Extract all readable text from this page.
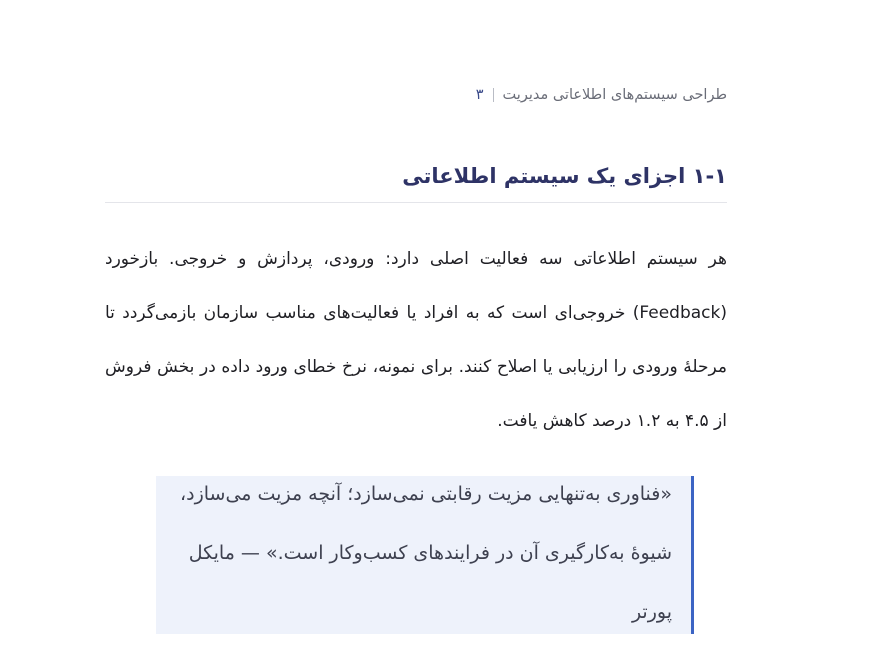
طراحی سیستم‌های اطلاعاتی مدیریت
۳
۱-۱ اجزای یک سیستم اطلاعاتی

هر سیستم اطلاعاتی سه فعالیت اصلی دارد: ورودی، پردازش و خروجی. بازخورد (Feedback) خروجی‌ای است که به افراد یا فعالیت‌های مناسب سازمان بازمی‌گردد تا مرحلهٔ ورودی را ارزیابی یا اصلاح کنند. برای نمونه، نرخ خطای ورود داده در بخش فروش از ۴.۵ به ۱.۲ درصد کاهش یافت.

«فناوری به‌تنهایی مزیت رقابتی نمی‌سازد؛ آنچه مزیت می‌سازد، شیوهٔ به‌کارگیری آن در فرایندهای کسب‌وکار است.» — مایکل پورتر
